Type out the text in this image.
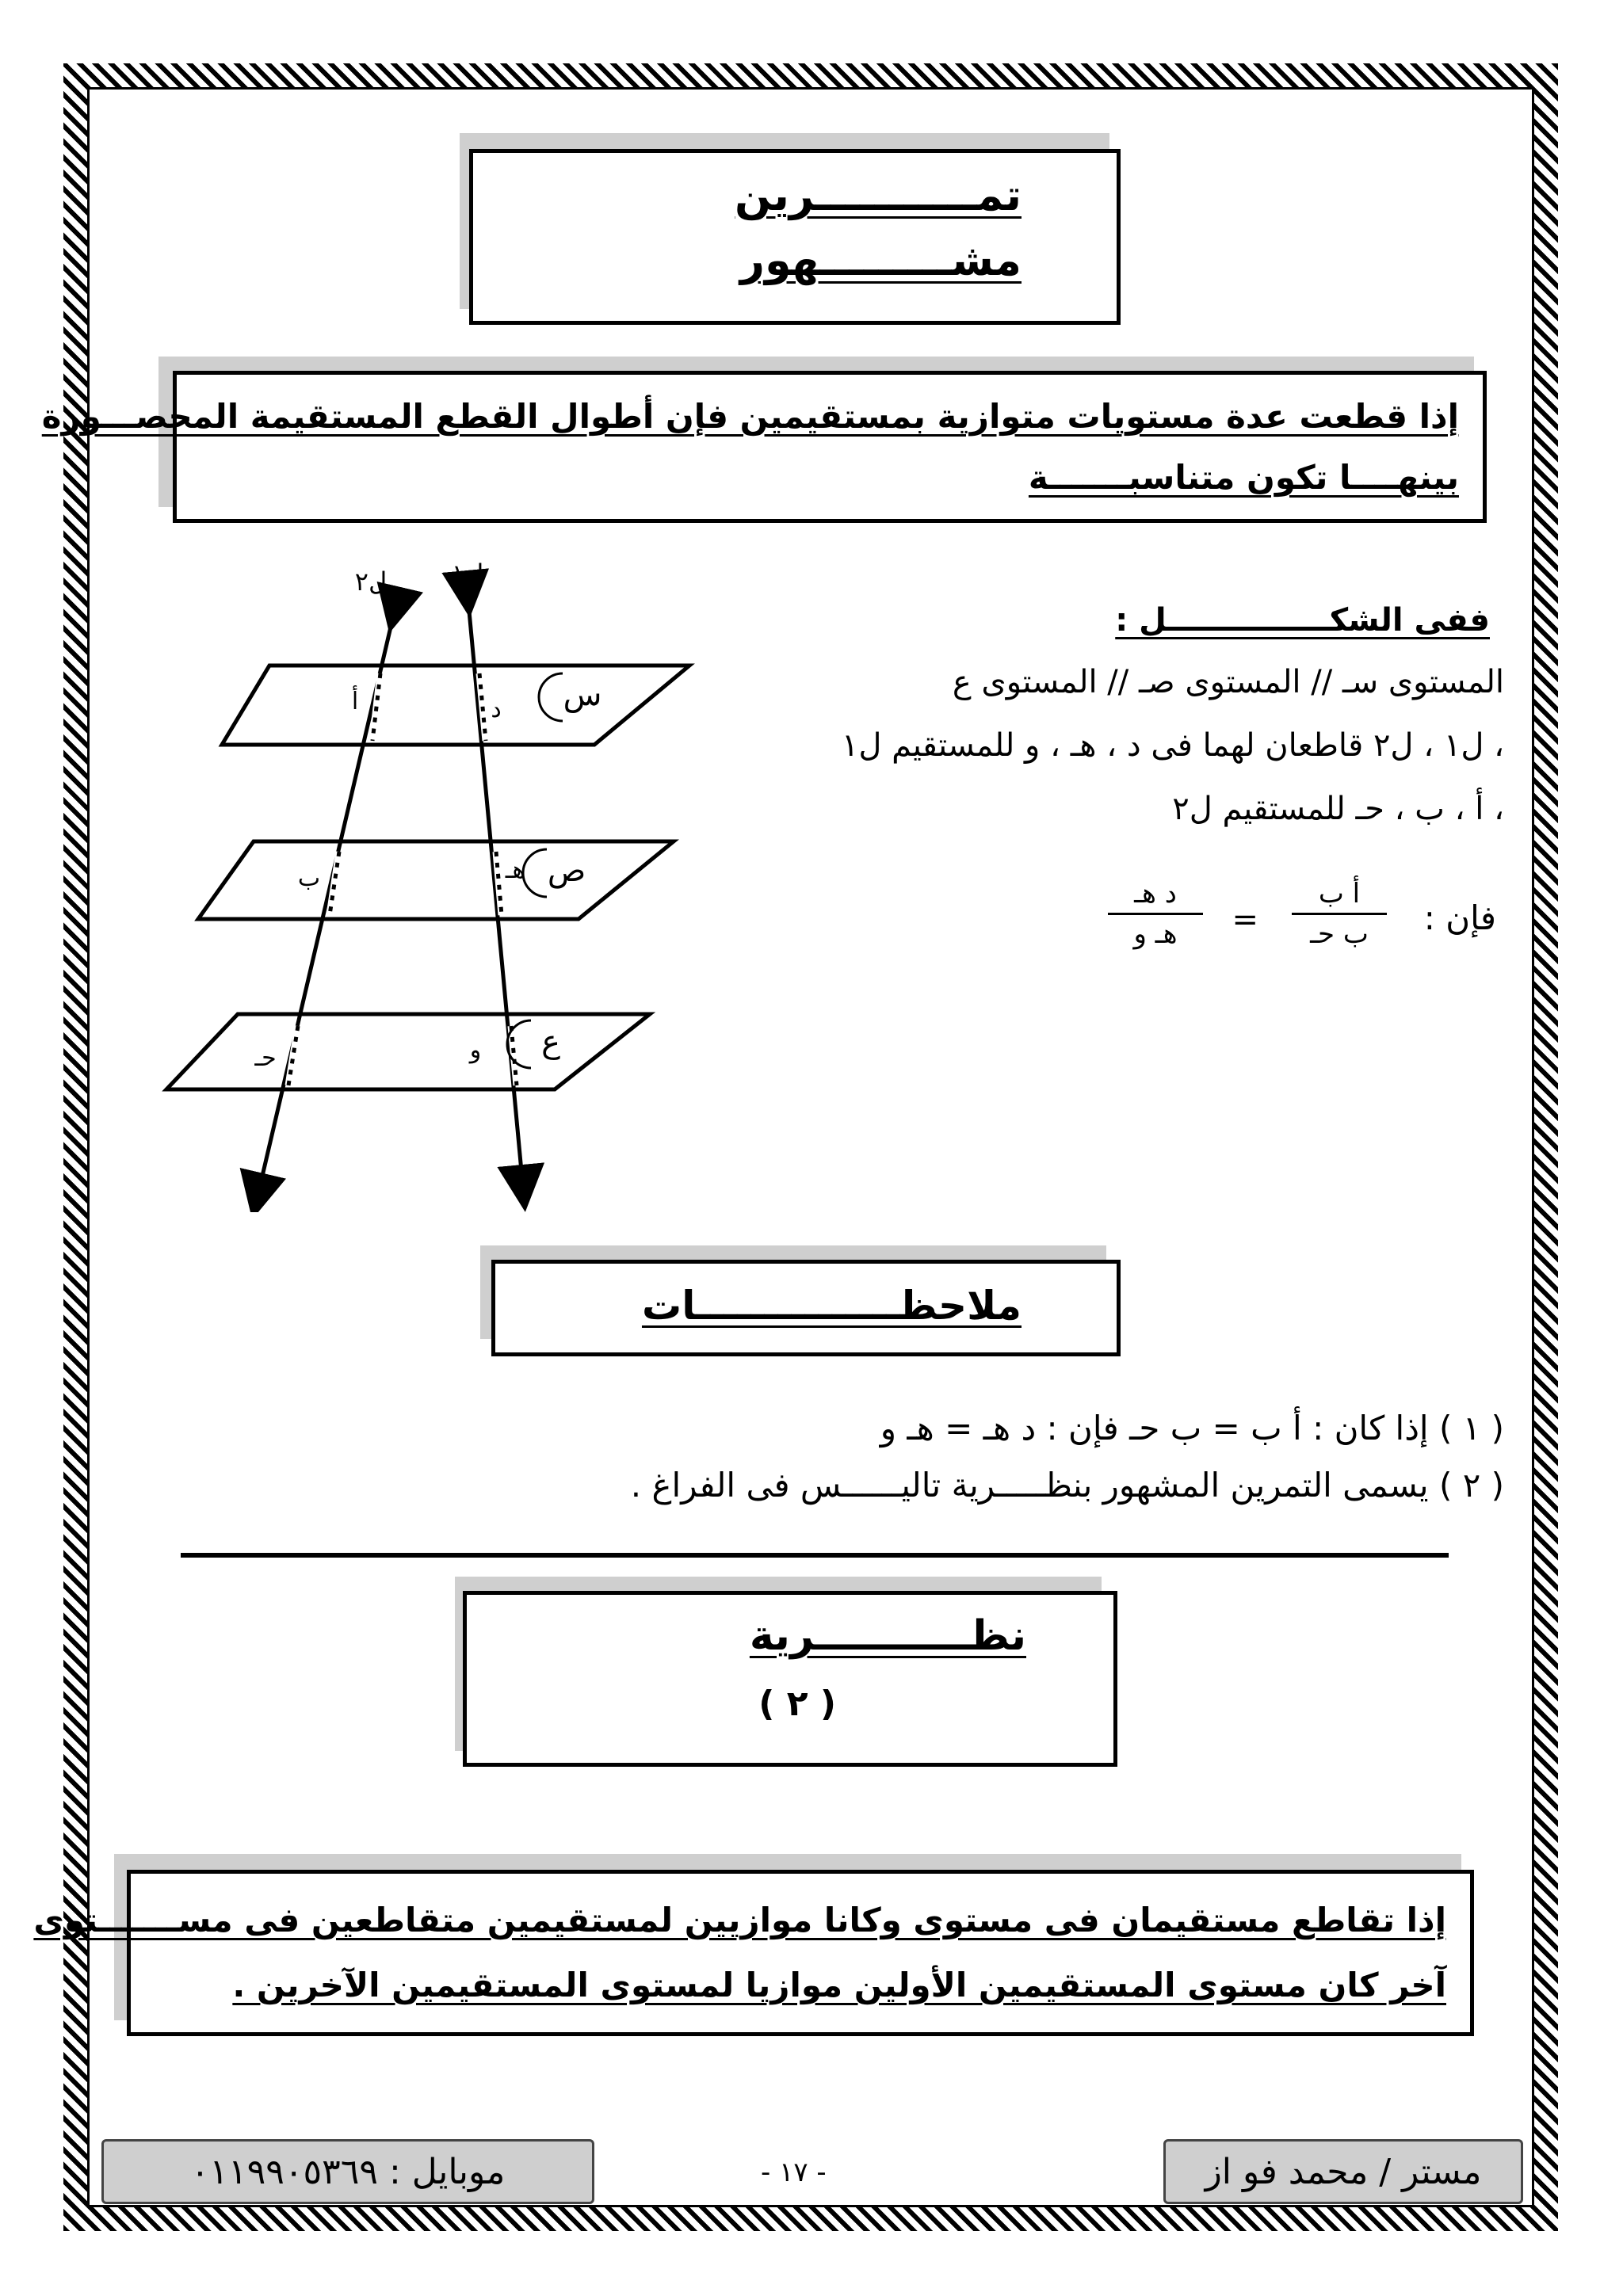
تمـــــــــــرين
مشـــــــــهور
إذا قطعت عدة مستويات متوازية بمستقيمين فإن أطوال القطع المستقيمة المحصـــورة
بينهــــا تكون متناسبـــــــة
س
ص
ع
ل٢	ل١
أ	د
ب	هـ
حـ	و
ففى الشكـــــــــــــــل :
المستوى سـ // المستوى صـ // المستوى ع
، ل١ ، ل٢ قاطعان لهما فى د ، هـ ، و للمستقيم ل١
، أ ، ب ، حـ للمستقيم ل٢
فإن :
أ ب
ب حـ
=
د هـ
هـ و
ملاحظـــــــــــــــات
( ١ ) إذا كان : أ ب = ب حـ فإن : د هـ = هـ و
( ٢ ) يسمى التمرين المشهور بنظـــــرية تاليــــــس فى الفراغ .
نظـــــــــــرية
( ٢ )
إذا تقاطع مستقيمان فى مستوى وكانا موازيين لمستقيمين متقاطعين فى مســـــــتوى
آخر كان مستوى المستقيمين الأولين موازيا لمستوى المستقيمين الآخرين .
مستر / محمد فو از
- ١٧ -
موبايل : ٠١١٩٩٠٥٣٦٩
